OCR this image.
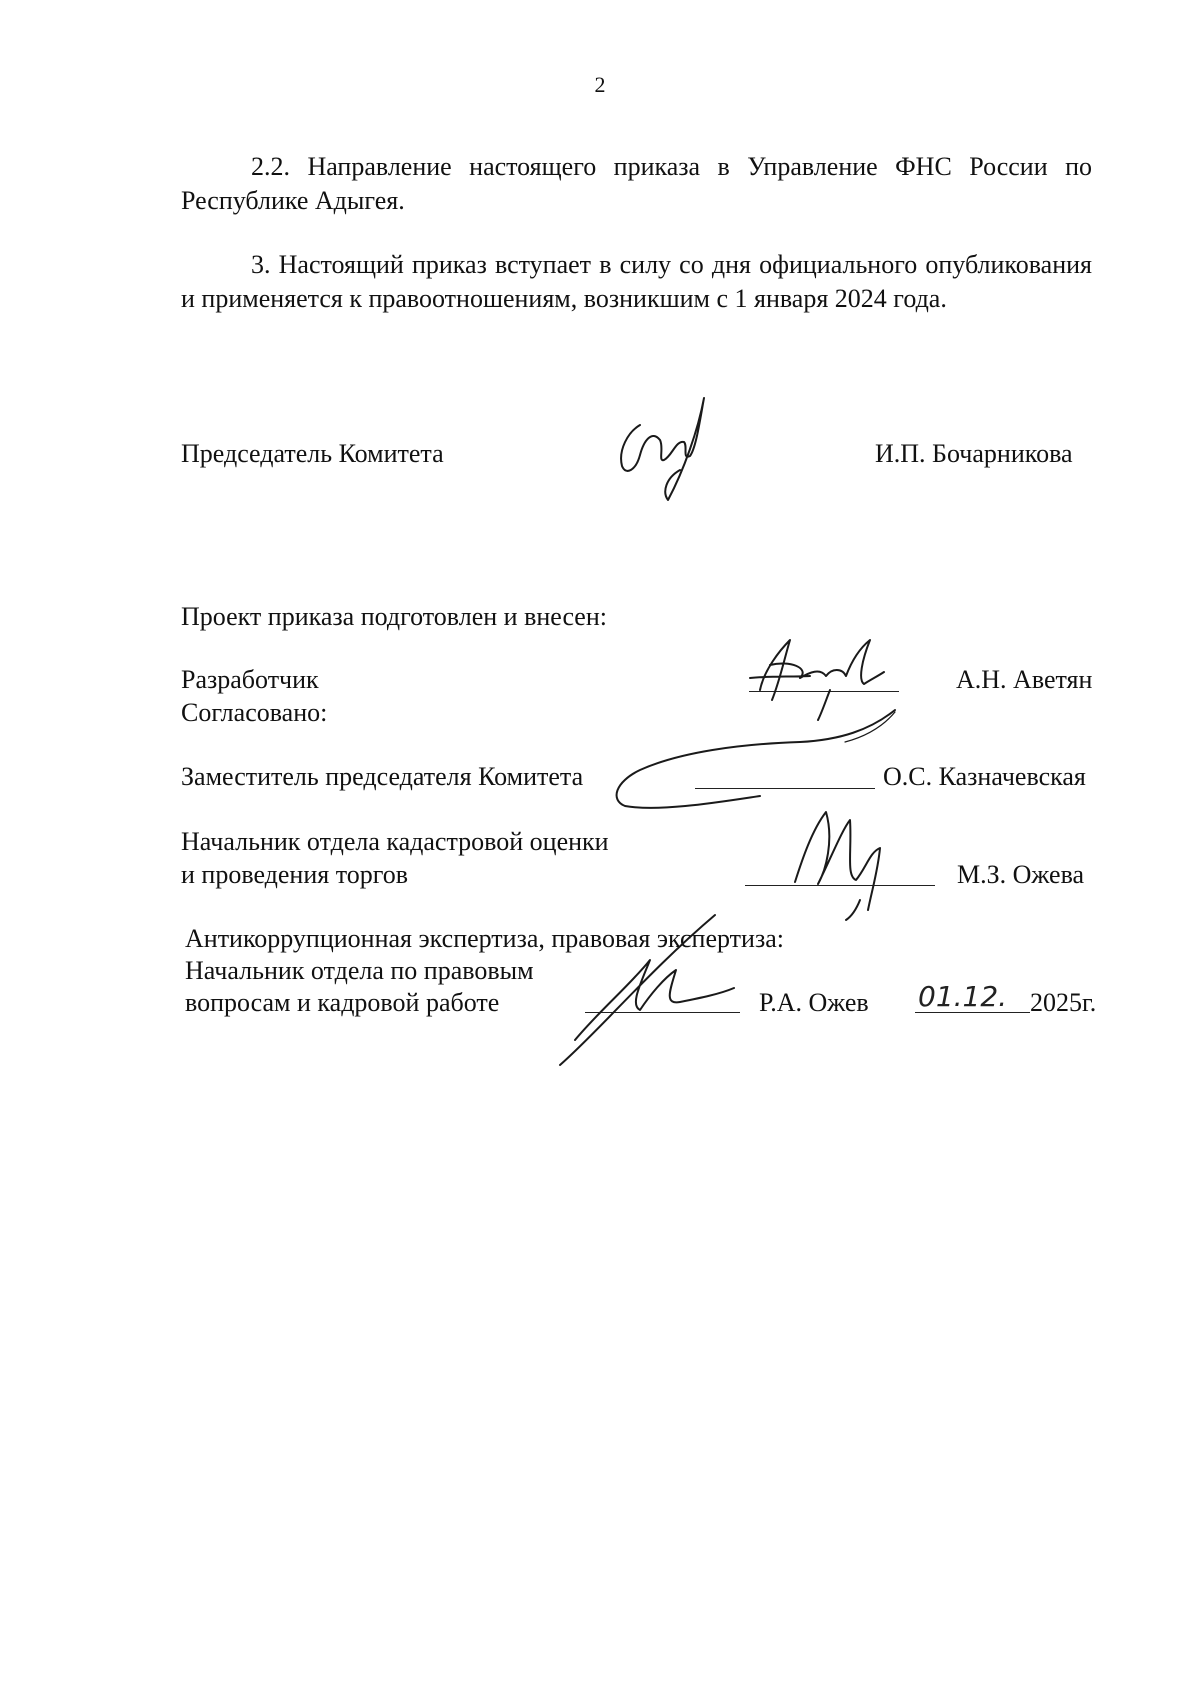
2
2.2. Направление настоящего приказа в Управление ФНС России по Республике Адыгея.
3. Настоящий приказ вступает в силу со дня официального опубликования и применяется к правоотношениям, возникшим с 1 января 2024 года.
Председатель Комитета	И.П. Бочарникова
Проект приказа подготовлен и внесен:
Разработчик	А.Н. Аветян
Согласовано:
Заместитель председателя Комитета	О.С. Казначевская
Начальник отдела кадастровой оценки
и проведения торгов	М.З. Ожева
Антикоррупционная экспертиза, правовая экспертиза:
Начальник отдела по правовым
вопросам и кадровой работе	Р.А. Ожев 01.12. 2025г.
